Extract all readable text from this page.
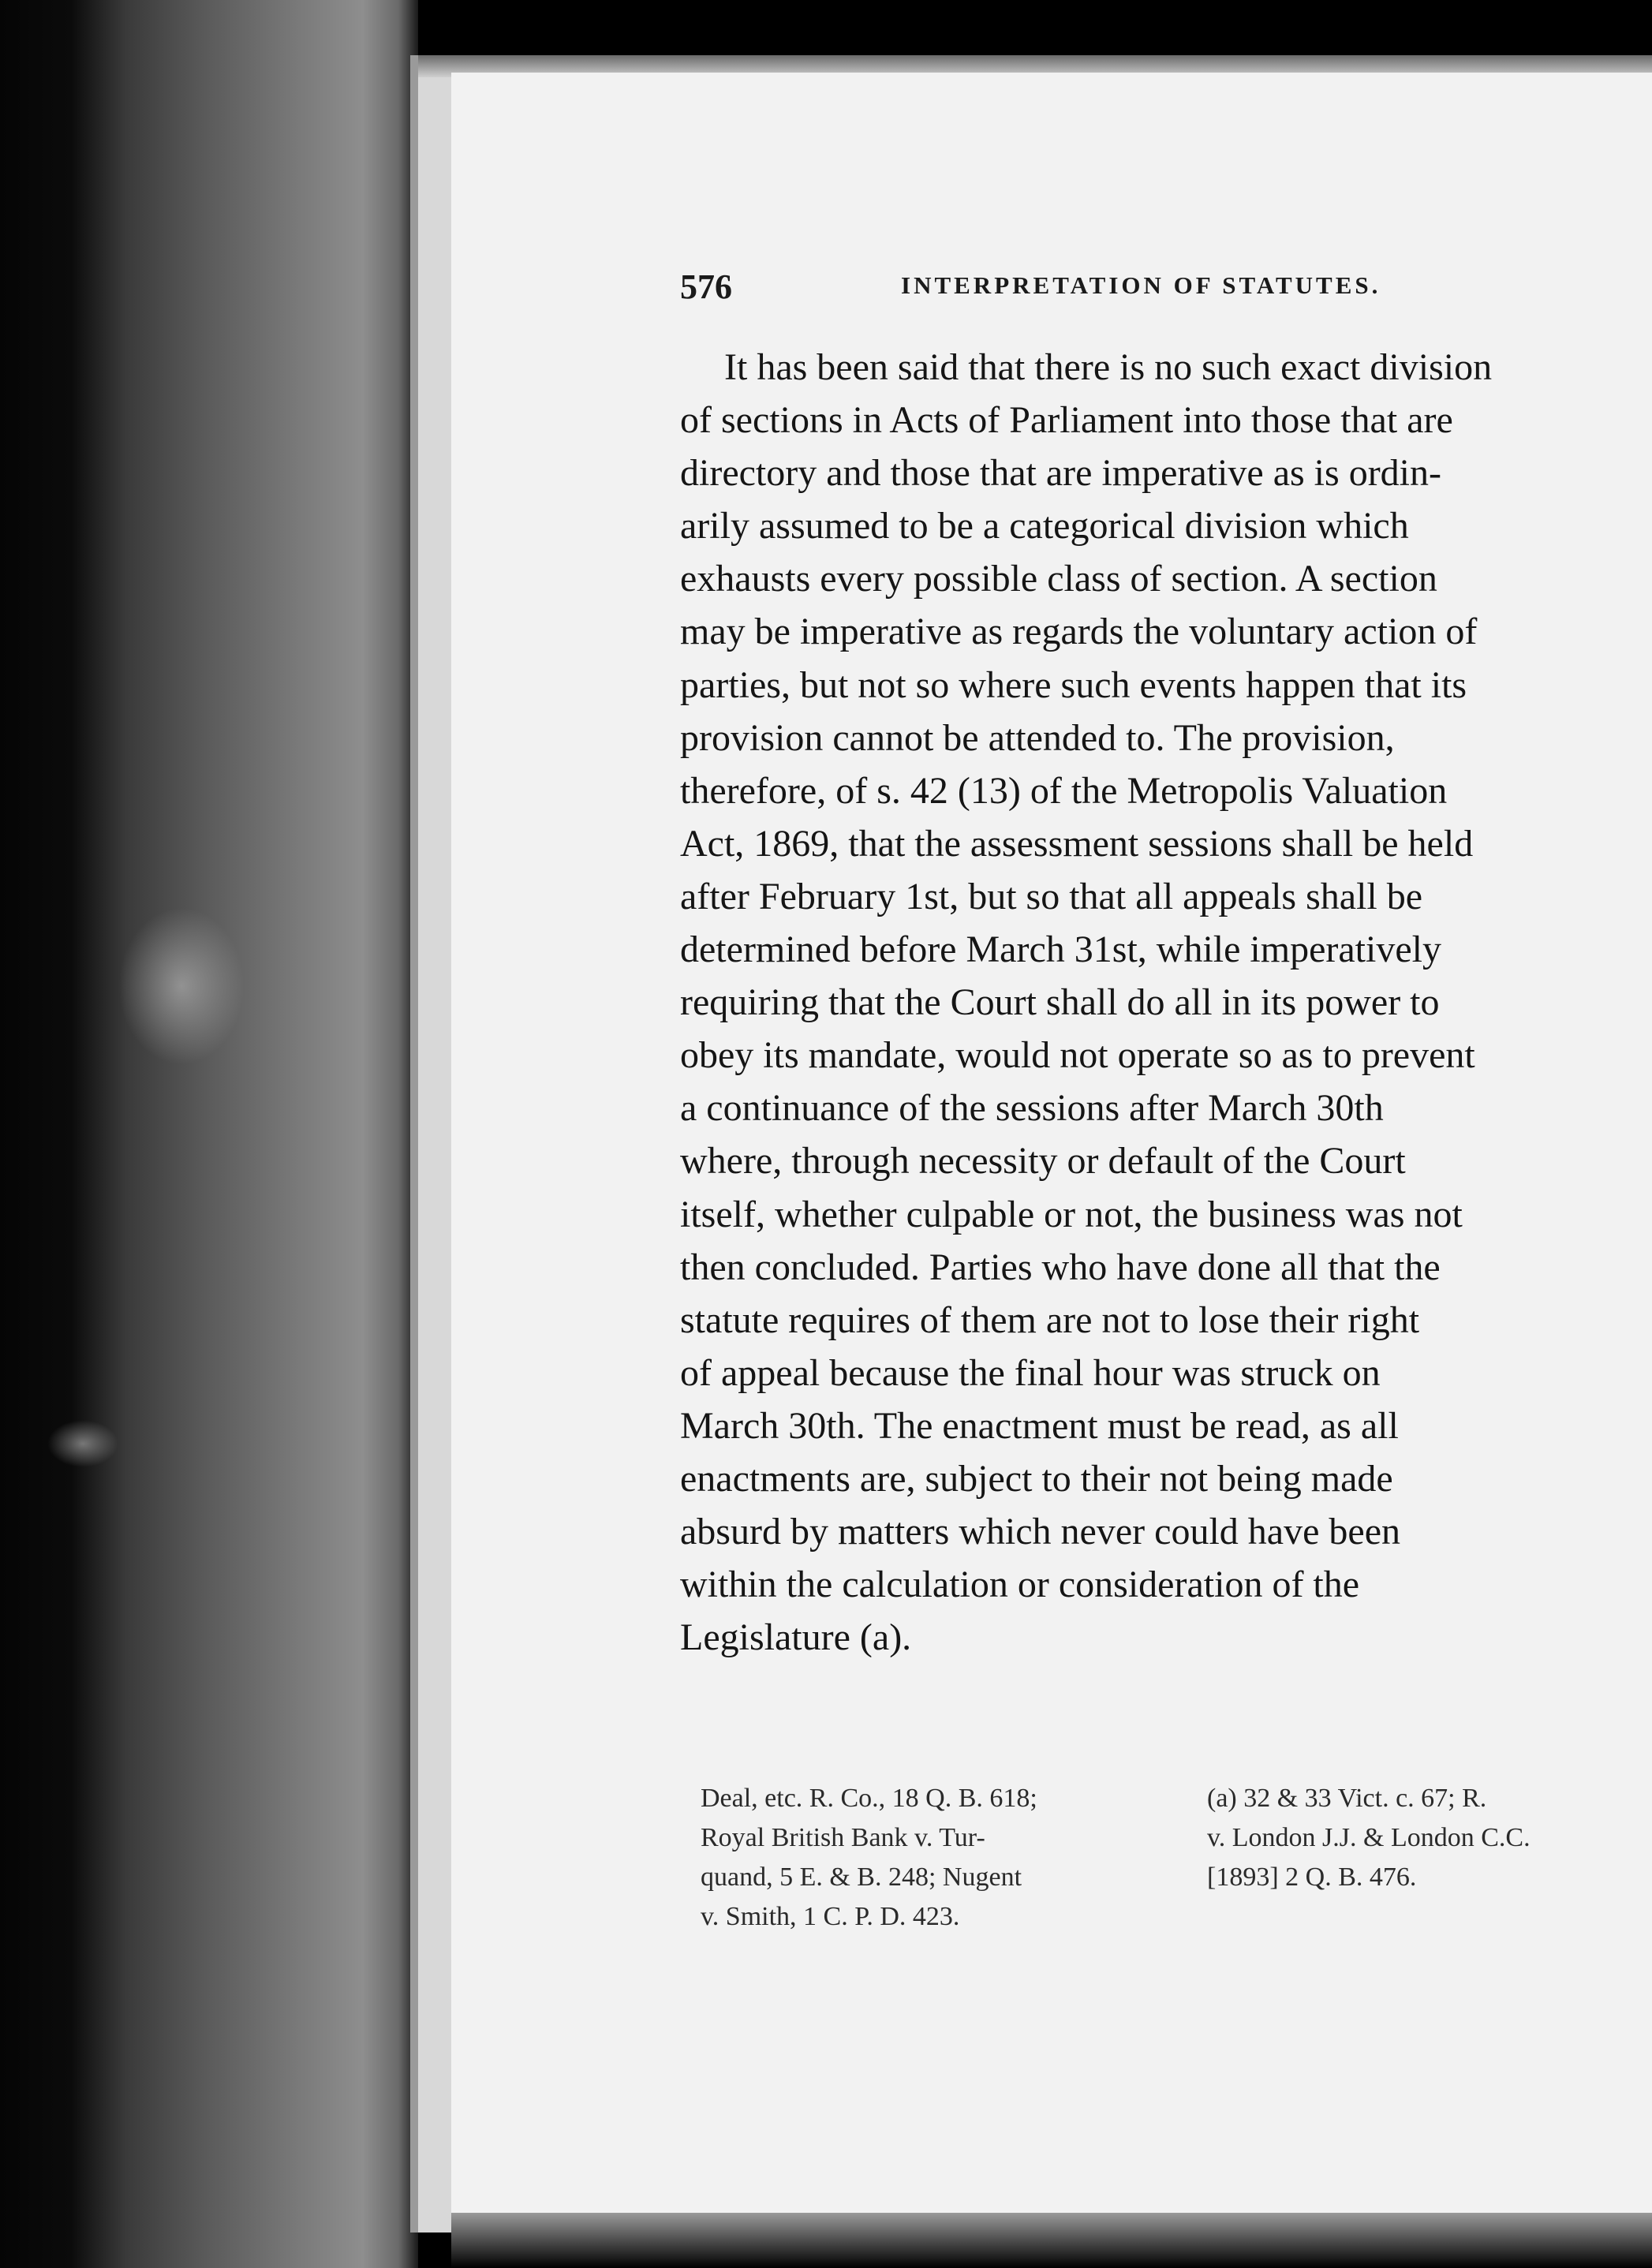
576	INTERPRETATION OF STATUTES.
It has been said that there is no such exact division
of sections in Acts of Parliament into those that are
directory and those that are imperative as is ordin-
arily assumed to be a categorical division which
exhausts every possible class of section. A section
may be imperative as regards the voluntary action of
parties, but not so where such events happen that its
provision cannot be attended to. The provision,
therefore, of s. 42 (13) of the Metropolis Valuation
Act, 1869, that the assessment sessions shall be held
after February 1st, but so that all appeals shall be
determined before March 31st, while imperatively
requiring that the Court shall do all in its power to
obey its mandate, would not operate so as to prevent
a continuance of the sessions after March 30th
where, through necessity or default of the Court
itself, whether culpable or not, the business was not
then concluded. Parties who have done all that the
statute requires of them are not to lose their right
of appeal because the final hour was struck on
March 30th. The enactment must be read, as all
enactments are, subject to their not being made
absurd by matters which never could have been
within the calculation or consideration of the
Legislature (a).
Deal, etc. R. Co., 18 Q. B. 618;
Royal British Bank v. Tur-
quand, 5 E. & B. 248; Nugent
v. Smith, 1 C. P. D. 423.
(a) 32 & 33 Vict. c. 67; R.
v. London J.J. & London C.C.
[1893] 2 Q. B. 476.
